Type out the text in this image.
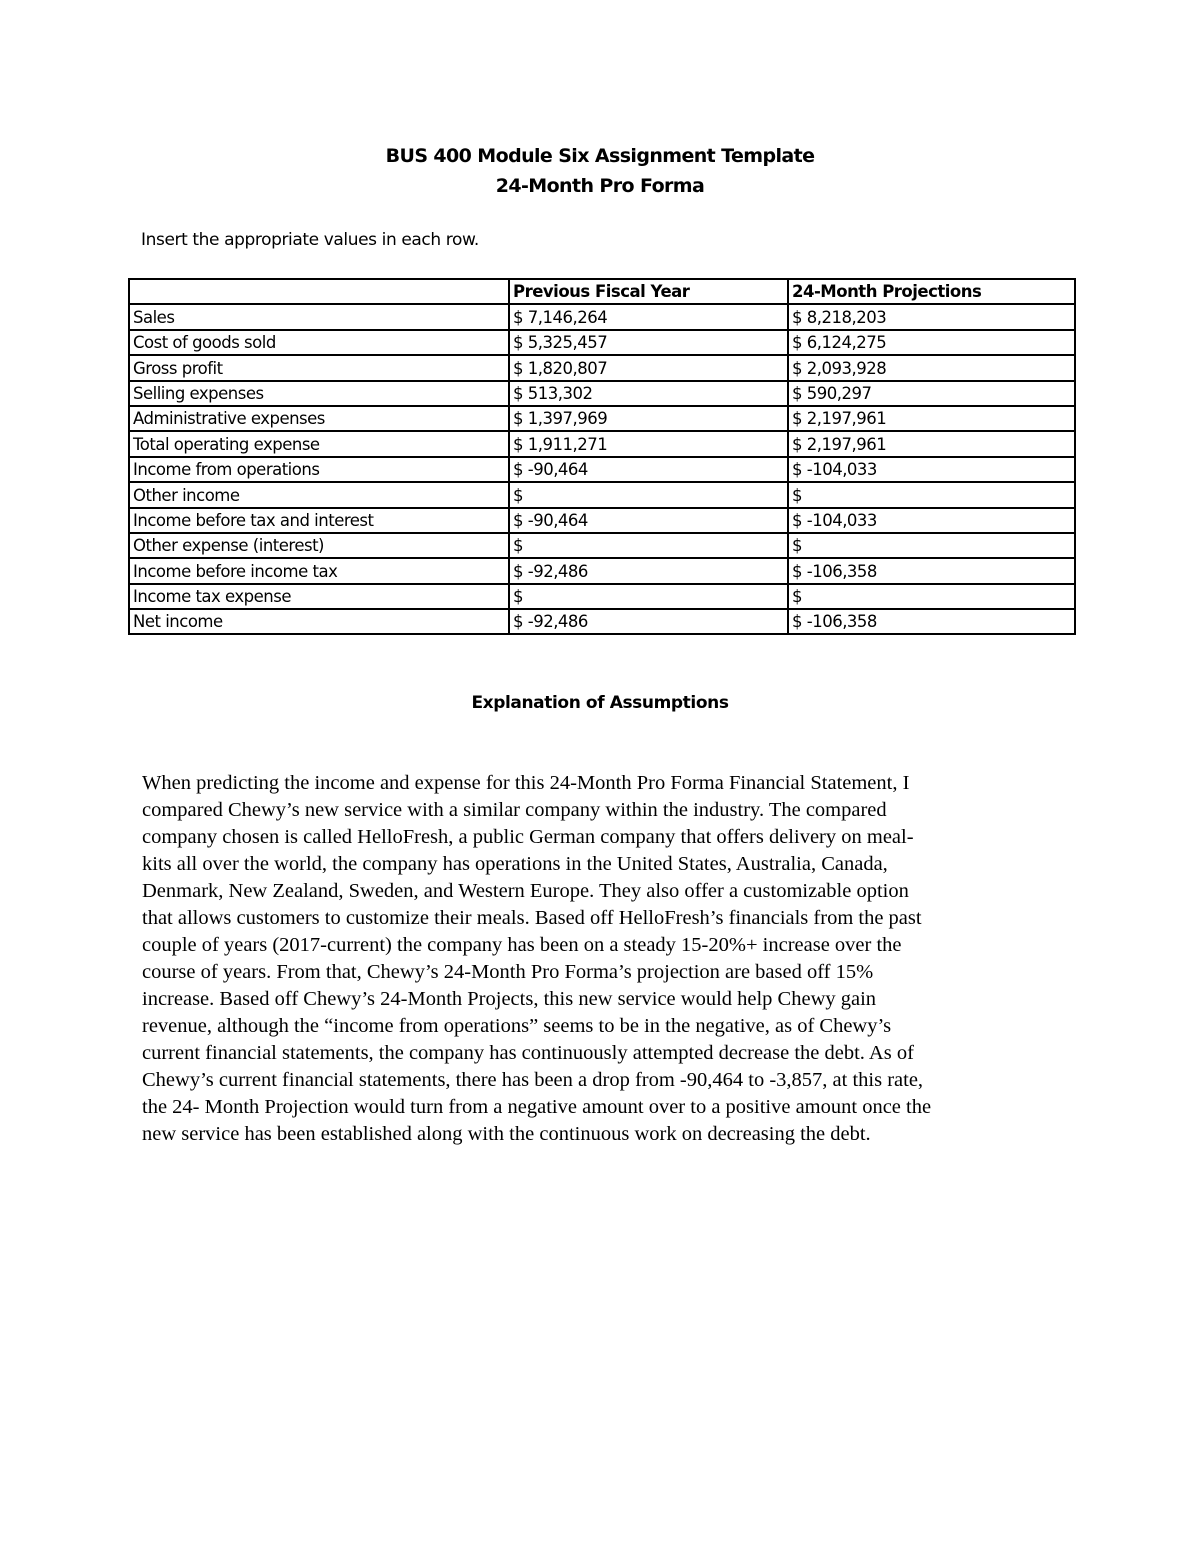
BUS 400 Module Six Assignment Template
24-Month Pro Forma
Insert the appropriate values in each row.
	Previous Fiscal Year	24-Month Projections
Sales	$ 7,146,264	$ 8,218,203
Cost of goods sold	$ 5,325,457	$ 6,124,275
Gross profit	$ 1,820,807	$ 2,093,928
Selling expenses	$ 513,302	$ 590,297
Administrative expenses	$ 1,397,969	$ 2,197,961
Total operating expense	$ 1,911,271	$ 2,197,961
Income from operations	$ -90,464	$ -104,033
Other income	$	$
Income before tax and interest	$ -90,464	$ -104,033
Other expense (interest)	$	$
Income before income tax	$ -92,486	$ -106,358
Income tax expense	$	$
Net income	$ -92,486	$ -106,358
Explanation of Assumptions
When predicting the income and expense for this 24-Month Pro Forma Financial Statement, I
compared Chewy’s new service with a similar company within the industry. The compared
company chosen is called HelloFresh, a public German company that offers delivery on meal-
kits all over the world, the company has operations in the United States, Australia, Canada,
Denmark, New Zealand, Sweden, and Western Europe. They also offer a customizable option
that allows customers to customize their meals. Based off HelloFresh’s financials from the past
couple of years (2017-current) the company has been on a steady 15-20%+ increase over the
course of years. From that, Chewy’s 24-Month Pro Forma’s projection are based off 15%
increase. Based off Chewy’s 24-Month Projects, this new service would help Chewy gain
revenue, although the “income from operations” seems to be in the negative, as of Chewy’s
current financial statements, the company has continuously attempted decrease the debt. As of
Chewy’s current financial statements, there has been a drop from -90,464 to -3,857, at this rate,
the 24- Month Projection would turn from a negative amount over to a positive amount once the
new service has been established along with the continuous work on decreasing the debt.
